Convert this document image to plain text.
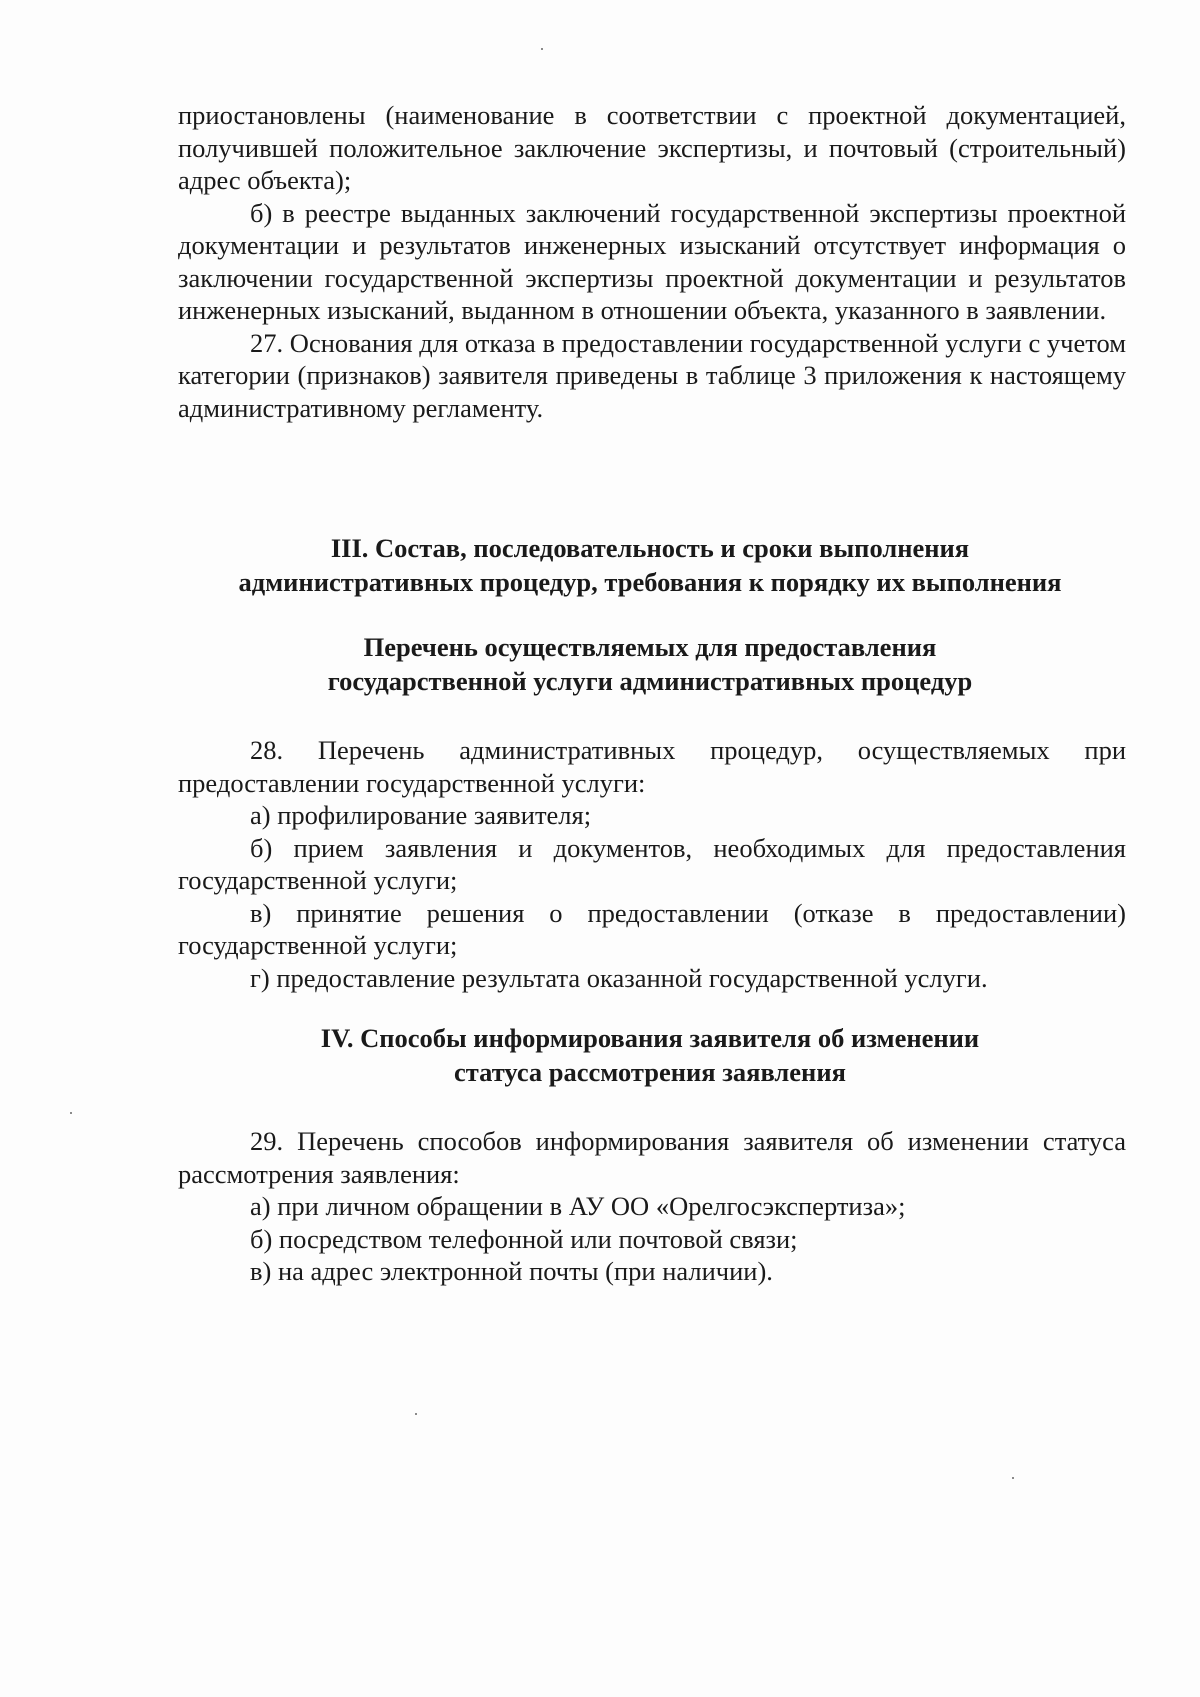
приостановлены (наименование в соответствии с проектной документацией, получившей положительное заключение экспертизы, и почтовый (строительный) адрес объекта);

б) в реестре выданных заключений государственной экспертизы проектной документации и результатов инженерных изысканий отсутствует информация о заключении государственной экспертизы проектной документации и результатов инженерных изысканий, выданном в отношении объекта, указанного в заявлении.

27. Основания для отказа в предоставлении государственной услуги с учетом категории (признаков) заявителя приведены в таблице 3 приложения к настоящему административному регламенту.

III. Состав, последовательность и сроки выполнения

административных процедур, требования к порядку их выполнения

Перечень осуществляемых для предоставления

государственной услуги административных процедур

28. Перечень административных процедур, осуществляемых при предоставлении государственной услуги:

а) профилирование заявителя;

б) прием заявления и документов, необходимых для предоставления государственной услуги;

в) принятие решения о предоставлении (отказе в предоставлении) государственной услуги;

г) предоставление результата оказанной государственной услуги.

IV. Способы информирования заявителя об изменении

статуса рассмотрения заявления

29. Перечень способов информирования заявителя об изменении статуса рассмотрения заявления:

а) при личном обращении в АУ ОО «Орелгосэкспертиза»;

б) посредством телефонной или почтовой связи;

в) на адрес электронной почты (при наличии).
